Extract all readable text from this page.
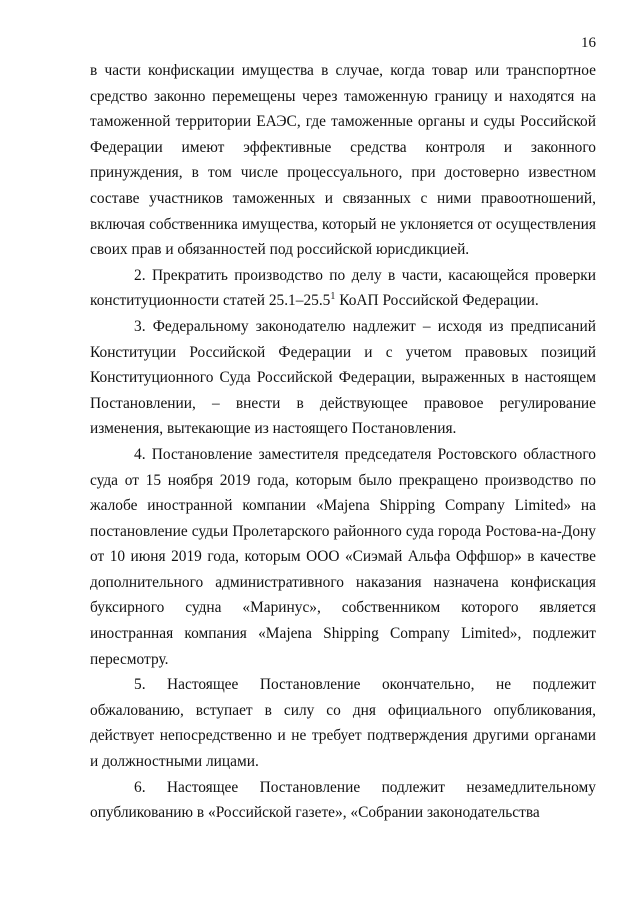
16

в части конфискации имущества в случае, когда товар или транспортное средство законно перемещены через таможенную границу и находятся на таможенной территории ЕАЭС, где таможенные органы и суды Российской Федерации имеют эффективные средства контроля и законного принуждения, в том числе процессуального, при достоверно известном составе участников таможенных и связанных с ними правоотношений, включая собственника имущества, который не уклоняется от осуществления своих прав и обязанностей под российской юрисдикцией.

2. Прекратить производство по делу в части, касающейся проверки конституционности статей 25.1–25.5$^1$ КоАП Российской Федерации.

3. Федеральному законодателю надлежит – исходя из предписаний Конституции Российской Федерации и с учетом правовых позиций Конституционного Суда Российской Федерации, выраженных в настоящем Постановлении, – внести в действующее правовое регулирование изменения, вытекающие из настоящего Постановления.

4. Постановление заместителя председателя Ростовского областного суда от 15 ноября 2019 года, которым было прекращено производство по жалобе иностранной компании «Majena Shipping Company Limited» на постановление судьи Пролетарского районного суда города Ростова-на-Дону от 10 июня 2019 года, которым ООО «Сиэмай Альфа Оффшор» в качестве дополнительного административного наказания назначена конфискация буксирного судна «Маринус», собственником которого является иностранная компания «Majena Shipping Company Limited», подлежит пересмотру.

5. Настоящее Постановление окончательно, не подлежит обжалованию, вступает в силу со дня официального опубликования, действует непосредственно и не требует подтверждения другими органами и должностными лицами.

6. Настоящее Постановление подлежит незамедлительному опубликованию в «Российской газете», «Собрании законодательства
